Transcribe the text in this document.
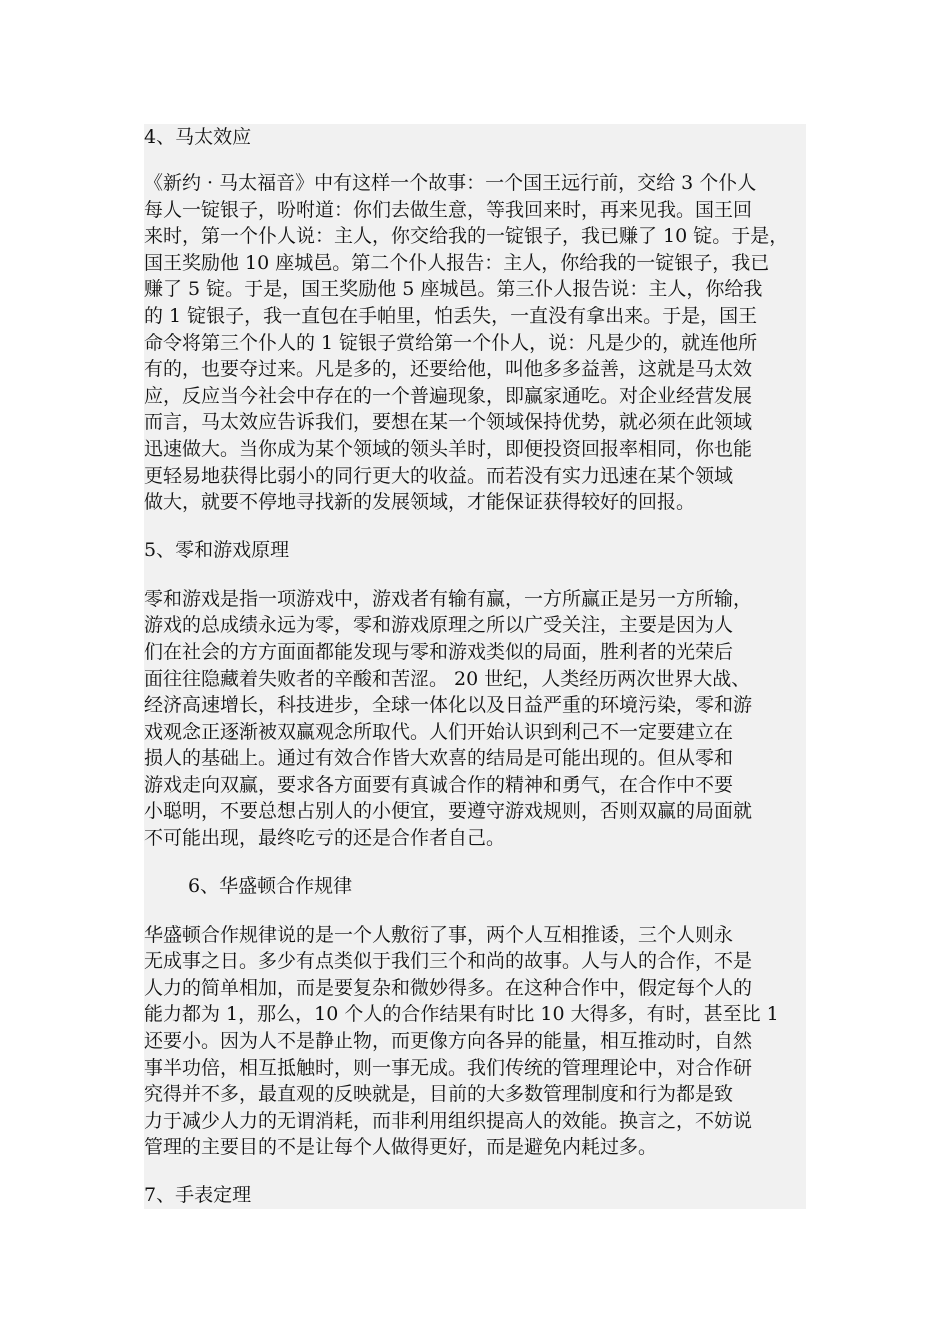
4、马太效应

《新约 · 马太福音》中有这样一个故事：一个国王远行前，交给 3 个仆人

每人一锭银子，吩咐道：你们去做生意，等我回来时，再来见我。国王回

来时，第一个仆人说：主人，你交给我的一锭银子，我已赚了 10 锭。于是，

国王奖励他 10 座城邑。第二个仆人报告：主人，你给我的一锭银子，我已

赚了 5 锭。于是，国王奖励他 5 座城邑。第三仆人报告说：主人，你给我

的 1 锭银子，我一直包在手帕里，怕丢失，一直没有拿出来。于是，国王

命令将第三个仆人的 1 锭银子赏给第一个仆人，说：凡是少的，就连他所

有的，也要夺过来。凡是多的，还要给他，叫他多多益善，这就是马太效

应，反应当今社会中存在的一个普遍现象，即赢家通吃。对企业经营发展

而言，马太效应告诉我们，要想在某一个领域保持优势，就必须在此领域

迅速做大。当你成为某个领域的领头羊时，即便投资回报率相同，你也能

更轻易地获得比弱小的同行更大的收益。而若没有实力迅速在某个领域

做大，就要不停地寻找新的发展领域，才能保证获得较好的回报。

5、零和游戏原理

零和游戏是指一项游戏中，游戏者有输有赢，一方所赢正是另一方所输，

游戏的总成绩永远为零，零和游戏原理之所以广受关注，主要是因为人

们在社会的方方面面都能发现与零和游戏类似的局面，胜利者的光荣后

面往往隐藏着失败者的辛酸和苦涩。 20 世纪，人类经历两次世界大战、

经济高速增长，科技进步，全球一体化以及日益严重的环境污染，零和游

戏观念正逐渐被双赢观念所取代。人们开始认识到利己不一定要建立在

损人的基础上。通过有效合作皆大欢喜的结局是可能出现的。但从零和

游戏走向双赢，要求各方面要有真诚合作的精神和勇气，在合作中不要

小聪明，不要总想占别人的小便宜，要遵守游戏规则，否则双赢的局面就

不可能出现，最终吃亏的还是合作者自己。

6、华盛顿合作规律

华盛顿合作规律说的是一个人敷衍了事，两个人互相推诿，三个人则永

无成事之日。多少有点类似于我们三个和尚的故事。人与人的合作，不是

人力的简单相加，而是要复杂和微妙得多。在这种合作中，假定每个人的

能力都为 1，那么，10 个人的合作结果有时比 10 大得多，有时，甚至比 1

还要小。因为人不是静止物，而更像方向各异的能量，相互推动时，自然

事半功倍，相互抵触时，则一事无成。我们传统的管理理论中，对合作研

究得并不多，最直观的反映就是，目前的大多数管理制度和行为都是致

力于减少人力的无谓消耗，而非利用组织提高人的效能。换言之，不妨说

管理的主要目的不是让每个人做得更好，而是避免内耗过多。

7、手表定理
